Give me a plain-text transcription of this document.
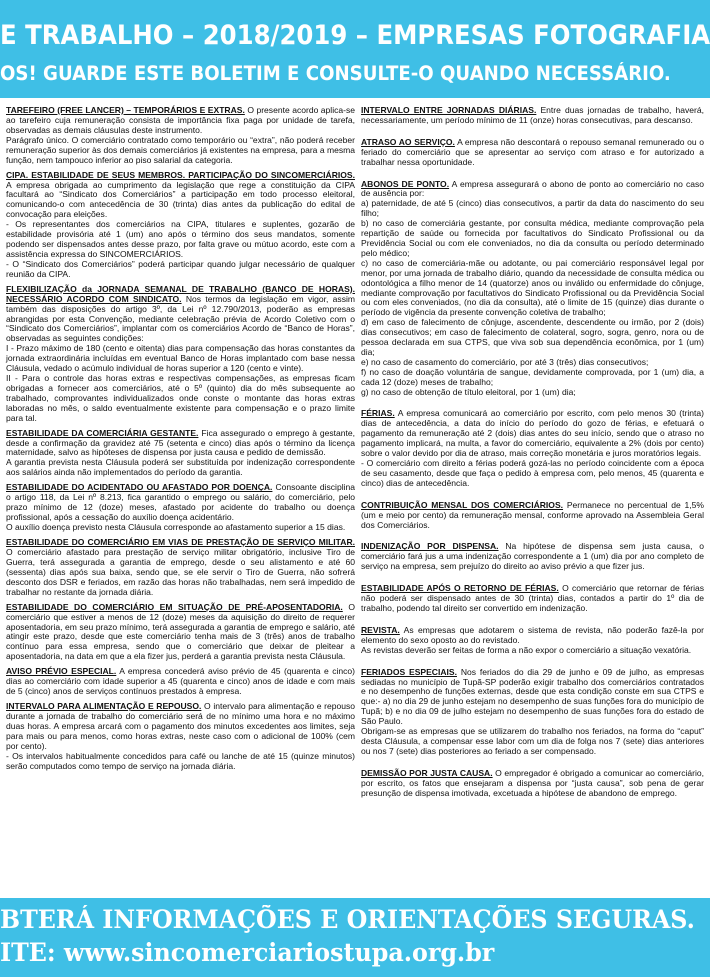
E TRABALHO – 2018/2019 – EMPRESAS FOTOGRAFIA
OS! GUARDE ESTE BOLETIM E CONSULTE-O QUANDO NECESSÁRIO.

TAREFEIRO (FREE LANCER) – TEMPORÁRIOS E EXTRAS. O presente acordo aplica-se ao tarefeiro cuja remuneração consista de importância fixa paga por unidade de tarefa, observadas as demais cláusulas deste instrumento.

Parágrafo único. O comerciário contratado como temporário ou “extra”, não poderá receber remuneração superior às dos demais comerciários já existentes na empresa, para a mesma função, nem tampouco inferior ao piso salarial da categoria.

CIPA. ESTABILIDADE DE SEUS MEMBROS. PARTICIPAÇÃO DO SINCOMERCIÁRIOS. A empresa obrigada ao cumprimento da legislação que rege a constituição da CIPA facultará ao “Sindicato dos Comerciários” a participação em todo processo eleitoral, comunicando-o com antecedência de 30 (trinta) dias antes da publicação do edital de convocação para eleições.

- Os representantes dos comerciários na CIPA, titulares e suplentes, gozarão de estabilidade provisória até 1 (um) ano após o término dos seus mandatos, somente podendo ser dispensados antes desse prazo, por falta grave ou mútuo acordo, este com a assistência expressa do SINCOMERCIÁRIOS.

- O “Sindicato dos Comerciários” poderá participar quando julgar necessário de qualquer reunião da CIPA.

FLEXIBILIZAÇÃO da JORNADA SEMANAL DE TRABALHO (BANCO DE HORAS). NECESSÁRIO ACORDO COM SINDICATO. Nos termos da legislação em vigor, assim também das disposições do artigo 3º, da Lei nº 12.790/2013, poderão as empresas abrangidas por esta Convenção, mediante celebração prévia de Acordo Coletivo com o “Sindicato dos Comerciários”, implantar com os comerciários Acordo de “Banco de Horas”, observadas as seguintes condições:

I - Prazo máximo de 180 (cento e oitenta) dias para compensação das horas constantes da jornada extraordinária incluídas em eventual Banco de Horas implantado com base nessa Cláusula, vedado o acúmulo individual de horas superior a 120 (cento e vinte).

II - Para o controle das horas extras e respectivas compensações, as empresas ficam obrigadas a fornecer aos comerciários, até o 5º (quinto) dia do mês subsequente ao trabalhado, comprovantes individualizados onde conste o montante das horas extras laboradas no mês, o saldo eventualmente existente para compensação e o prazo limite para tal.

ESTABILIDADE DA COMERCIÁRIA GESTANTE. Fica assegurado o emprego à gestante, desde a confirmação da gravidez até 75 (setenta e cinco) dias após o término da licença maternidade, salvo as hipóteses de dispensa por justa causa e pedido de demissão.

A garantia prevista nesta Cláusula poderá ser substituída por indenização correspondente aos salários ainda não implementados do período da garantia.

ESTABILIDADE DO ACIDENTADO OU AFASTADO POR DOENÇA. Consoante disciplina o artigo 118, da Lei nº 8.213, fica garantido o emprego ou salário, do comerciário, pelo prazo mínimo de 12 (doze) meses, afastado por acidente do trabalho ou doença profissional, após a cessação do auxílio doença acidentário.

O auxílio doença previsto nesta Cláusula corresponde ao afastamento superior a 15 dias.

ESTABILIDADE DO COMERCIÁRIO EM VIAS DE PRESTAÇÃO DE SERVIÇO MILITAR. O comerciário afastado para prestação de serviço militar obrigatório, inclusive Tiro de Guerra, terá assegurada a garantia de emprego, desde o seu alistamento e até 60 (sessenta) dias após sua baixa, sendo que, se ele servir o Tiro de Guerra, não sofrerá desconto dos DSR e feriados, em razão das horas não trabalhadas, nem será impedido de trabalhar no restante da jornada diária.

ESTABILIDADE DO COMERCIÁRIO EM SITUAÇÃO DE PRÉ-APOSENTADORIA. O comerciário que estiver a menos de 12 (doze) meses da aquisição do direito de requerer aposentadoria, em seu prazo mínimo, terá assegurada a garantia de emprego e salário, até atingir este prazo, desde que este comerciário tenha mais de 3 (três) anos de trabalho contínuo para essa empresa, sendo que o comerciário que deixar de pleitear a aposentadoria, na data em que a ela fizer jus, perderá a garantia prevista nesta Cláusula.

AVISO PRÉVIO ESPECIAL. A empresa concederá aviso prévio de 45 (quarenta e cinco) dias ao comerciário com idade superior a 45 (quarenta e cinco) anos de idade e com mais de 5 (cinco) anos de serviços contínuos prestados à empresa.

INTERVALO PARA ALIMENTAÇÃO E REPOUSO. O intervalo para alimentação e repouso durante a jornada de trabalho do comerciário será de no mínimo uma hora e no máximo duas horas. A empresa arcará com o pagamento dos minutos excedentes aos limites, seja para mais ou para menos, como horas extras, neste caso com o adicional de 100% (cem por cento).

- Os intervalos habitualmente concedidos para café ou lanche de até 15 (quinze minutos) serão computados como tempo de serviço na jornada diária.

INTERVALO ENTRE JORNADAS DIÁRIAS. Entre duas jornadas de trabalho, haverá, necessariamente, um período mínimo de 11 (onze) horas consecutivas, para descanso.

ATRASO AO SERVIÇO. A empresa não descontará o repouso semanal remunerado ou o feriado do comerciário que se apresentar ao serviço com atraso e for autorizado a trabalhar nessa oportunidade.

ABONOS DE PONTO. A empresa assegurará o abono de ponto ao comerciário no caso de ausência por:

a) paternidade, de até 5 (cinco) dias consecutivos, a partir da data do nascimento do seu filho;

b) no caso de comerciária gestante, por consulta médica, mediante comprovação pela repartição de saúde ou fornecida por facultativos do Sindicato Profissional ou da Previdência Social ou com ele conveniados, no dia da consulta ou período determinado pelo médico;

c) no caso de comerciária-mãe ou adotante, ou pai comerciário responsável legal por menor, por uma jornada de trabalho diário, quando da necessidade de consulta médica ou odontológica a filho menor de 14 (quatorze) anos ou inválido ou enfermidade do cônjuge, mediante comprovação por facultativos do Sindicato Profissional ou da Previdência Social ou com eles conveniados, (no dia da consulta), até o limite de 15 (quinze) dias durante o período de vigência da presente convenção coletiva de trabalho;

d) em caso de falecimento de cônjuge, ascendente, descendente ou irmão, por 2 (dois) dias consecutivos; em caso de falecimento de colateral, sogro, sogra, genro, nora ou de pessoa declarada em sua CTPS, que viva sob sua dependência econômica, por 1 (um) dia;

e) no caso de casamento do comerciário, por até 3 (três) dias consecutivos;

f) no caso de doação voluntária de sangue, devidamente comprovada, por 1 (um) dia, a cada 12 (doze) meses de trabalho;

g) no caso de obtenção de título eleitoral, por 1 (um) dia;

FÉRIAS. A empresa comunicará ao comerciário por escrito, com pelo menos 30 (trinta) dias de antecedência, a data do início do período do gozo de férias, e efetuará o pagamento da remuneração até 2 (dois) dias antes do seu início, sendo que o atraso no pagamento implicará, na multa, a favor do comerciário, equivalente a 2% (dois por cento) sobre o valor devido por dia de atraso, mais correção monetária e juros moratórios legais.

- O comerciário com direito a férias poderá gozá-las no período coincidente com a época de seu casamento, desde que faça o pedido à empresa com, pelo menos, 45 (quarenta e cinco) dias de antecedência.

CONTRIBUIÇÃO MENSAL DOS COMERCIÁRIOS. Permanece no percentual de 1,5% (um e meio por cento) da remuneração mensal, conforme aprovado na Assembleia Geral dos Comerciários.

INDENIZAÇÃO POR DISPENSA. Na hipótese de dispensa sem justa causa, o comerciário fará jus a uma indenização correspondente a 1 (um) dia por ano completo de serviço na empresa, sem prejuízo do direito ao aviso prévio a que fizer jus.

ESTABILIDADE APÓS O RETORNO DE FÉRIAS. O comerciário que retornar de férias não poderá ser dispensado antes de 30 (trinta) dias, contados a partir do 1º dia de trabalho, podendo tal direito ser convertido em indenização.

REVISTA. As empresas que adotarem o sistema de revista, não poderão fazê-la por elemento do sexo oposto ao do revistado.

As revistas deverão ser feitas de forma a não expor o comerciário a situação vexatória.

FERIADOS ESPECIAIS. Nos feriados do dia 29 de junho e 09 de julho, as empresas sediadas no município de Tupã-SP poderão exigir trabalho dos comerciários contratados e no desempenho de funções externas, desde que esta condição conste em sua CTPS e que:- a) no dia 29 de junho estejam no desempenho de suas funções fora do município de Tupã; b) e no dia 09 de julho estejam no desempenho de suas funções fora do estado de São Paulo.

Obrigam-se as empresas que se utilizarem do trabalho nos feriados, na forma do “caput” desta Cláusula, a compensar esse labor com um dia de folga nos 7 (sete) dias anteriores ou nos 7 (sete) dias posteriores ao feriado a ser compensado.

DEMISSÃO POR JUSTA CAUSA. O empregador é obrigado a comunicar ao comerciário, por escrito, os fatos que ensejaram a dispensa por “justa causa”, sob pena de gerar presunção de dispensa imotivada, excetuada a hipótese de abandono de emprego.

BTERÁ INFORMAÇÕES E ORIENTAÇÕES SEGURAS.
ITE: www.sincomerciariostupa.org.br
